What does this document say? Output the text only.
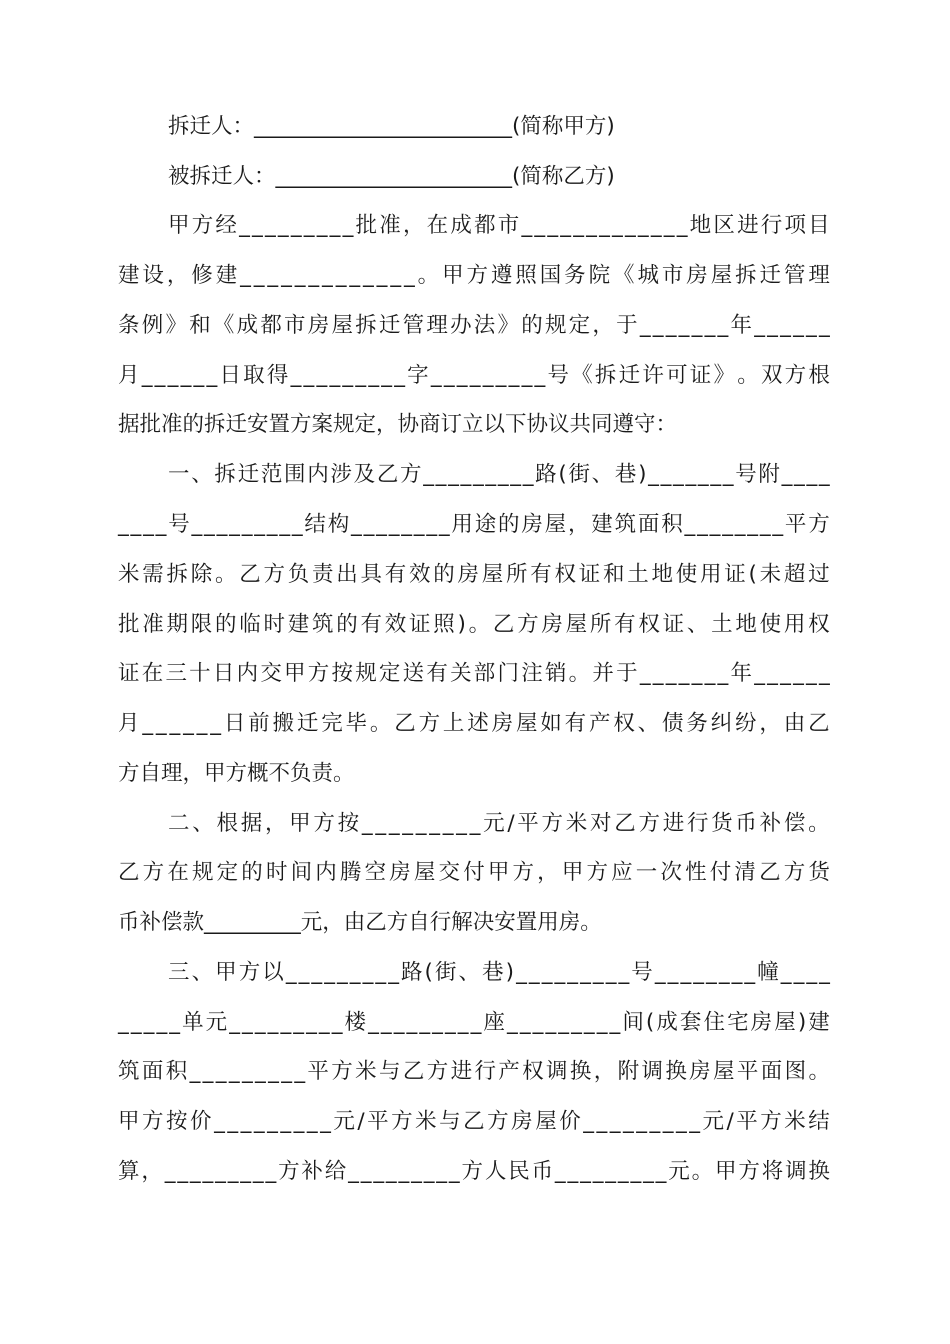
拆迁人：________________________(简称甲方)
被拆迁人：______________________(简称乙方)
甲 方 经 _ _ _ _ _ _ _ _ _ 批 准 ， 在 成 都 市 _ _ _ _ _ _ _ _ _ _ _ _ _ 地 区 进 行 项 目
建 设 ， 修 建 _ _ _ _ _ _ _ _ _ _ _ _ _ 。 甲 方 遵 照 国 务 院 《 城 市 房 屋 拆 迁 管 理
条 例 》 和 《 成 都 市 房 屋 拆 迁 管 理 办 法 》 的 规 定 ， 于 _ _ _ _ _ _ _ 年 _ _ _ _ _ _
月 _ _ _ _ _ _ 日 取 得 _ _ _ _ _ _ _ _ _ 字 _ _ _ _ _ _ _ _ _ 号 《 拆 迁 许 可 证 》 。 双 方 根
据批准的拆迁安置方案规定，协商订立以下协议共同遵守：
一 、 拆 迁 范 围 内 涉 及 乙 方 _ _ _ _ _ _ _ _ _ 路 ( 街 、 巷 ) _ _ _ _ _ _ _ 号 附 _ _ _ _
_ _ _ _ 号 _ _ _ _ _ _ _ _ _ 结 构 _ _ _ _ _ _ _ _ 用 途 的 房 屋 ， 建 筑 面 积 _ _ _ _ _ _ _ _ 平 方
米 需 拆 除 。 乙 方 负 责 出 具 有 效 的 房 屋 所 有 权 证 和 土 地 使 用 证 ( 未 超 过
批 准 期 限 的 临 时 建 筑 的 有 效 证 照 ) 。 乙 方 房 屋 所 有 权 证 、 土 地 使 用 权
证 在 三 十 日 内 交 甲 方 按 规 定 送 有 关 部 门 注 销 。 并 于 _ _ _ _ _ _ _ 年 _ _ _ _ _ _
月 _ _ _ _ _ _ 日 前 搬 迁 完 毕 。 乙 方 上 述 房 屋 如 有 产 权 、 债 务 纠 纷 ， 由 乙
方自理，甲方概不负责。
二 、 根 据 ， 甲 方 按 _ _ _ _ _ _ _ _ _ 元 / 平 方 米 对 乙 方 进 行 货 币 补 偿 。
乙 方 在 规 定 的 时 间 内 腾 空 房 屋 交 付 甲 方 ， 甲 方 应 一 次 性 付 清 乙 方 货
币补偿款_________元，由乙方自行解决安置用房。
三 、 甲 方 以 _ _ _ _ _ _ _ _ _ 路 ( 街 、 巷 ) _ _ _ _ _ _ _ _ _ 号 _ _ _ _ _ _ _ _ 幢 _ _ _ _
_ _ _ _ _ 单 元 _ _ _ _ _ _ _ _ _ 楼 _ _ _ _ _ _ _ _ _ 座 _ _ _ _ _ _ _ _ _ 间 ( 成 套 住 宅 房 屋 ) 建
筑 面 积 _ _ _ _ _ _ _ _ _ 平 方 米 与 乙 方 进 行 产 权 调 换 ， 附 调 换 房 屋 平 面 图 。
甲 方 按 价 _ _ _ _ _ _ _ _ _ 元 / 平 方 米 与 乙 方 房 屋 价 _ _ _ _ _ _ _ _ _ 元 / 平 方 米 结
算 ， _ _ _ _ _ _ _ _ _ 方 补 给 _ _ _ _ _ _ _ _ _ 方 人 民 币 _ _ _ _ _ _ _ _ _ 元 。 甲 方 将 调 换
